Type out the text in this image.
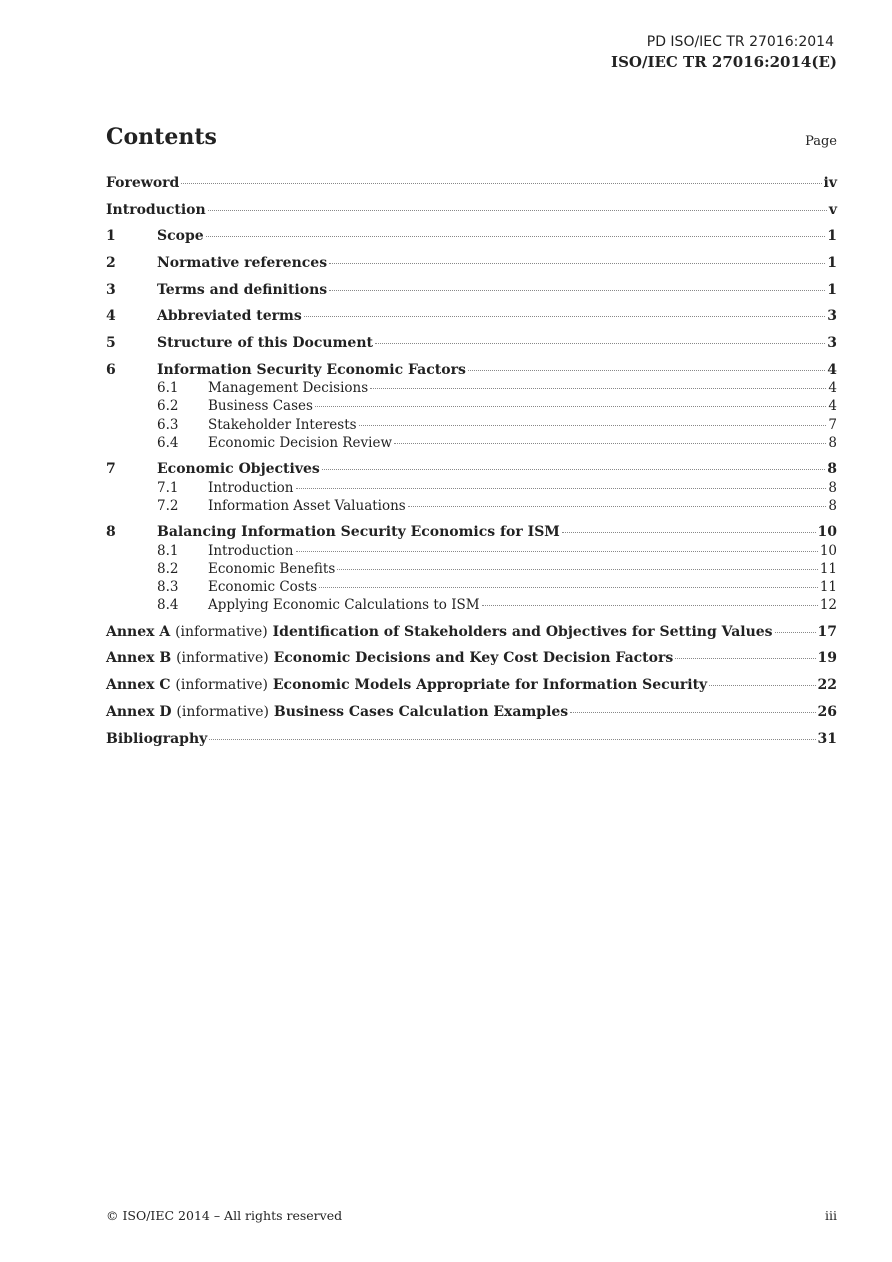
PD ISO/IEC TR 27016:2014
ISO/IEC TR 27016:2014(E)
Contents	Page
Foreword	iv
Introduction	v
1	Scope	1
2	Normative references	1
3	Terms and definitions	1
4	Abbreviated terms	3
5	Structure of this Document	3
6	Information Security Economic Factors	4
6.1	Management Decisions	4
6.2	Business Cases	4
6.3	Stakeholder Interests	7
6.4	Economic Decision Review	8
7	Economic Objectives	8
7.1	Introduction	8
7.2	Information Asset Valuations	8
8	Balancing Information Security Economics for ISM	10
8.1	Introduction	10
8.2	Economic Benefits	11
8.3	Economic Costs	11
8.4	Applying Economic Calculations to ISM	12
Annex A (informative) Identification of Stakeholders and Objectives for Setting Values	17
Annex B (informative) Economic Decisions and Key Cost Decision Factors	19
Annex C (informative) Economic Models Appropriate for Information Security	22
Annex D (informative) Business Cases Calculation Examples	26
Bibliography	31
© ISO/IEC 2014 – All rights reserved	iii
